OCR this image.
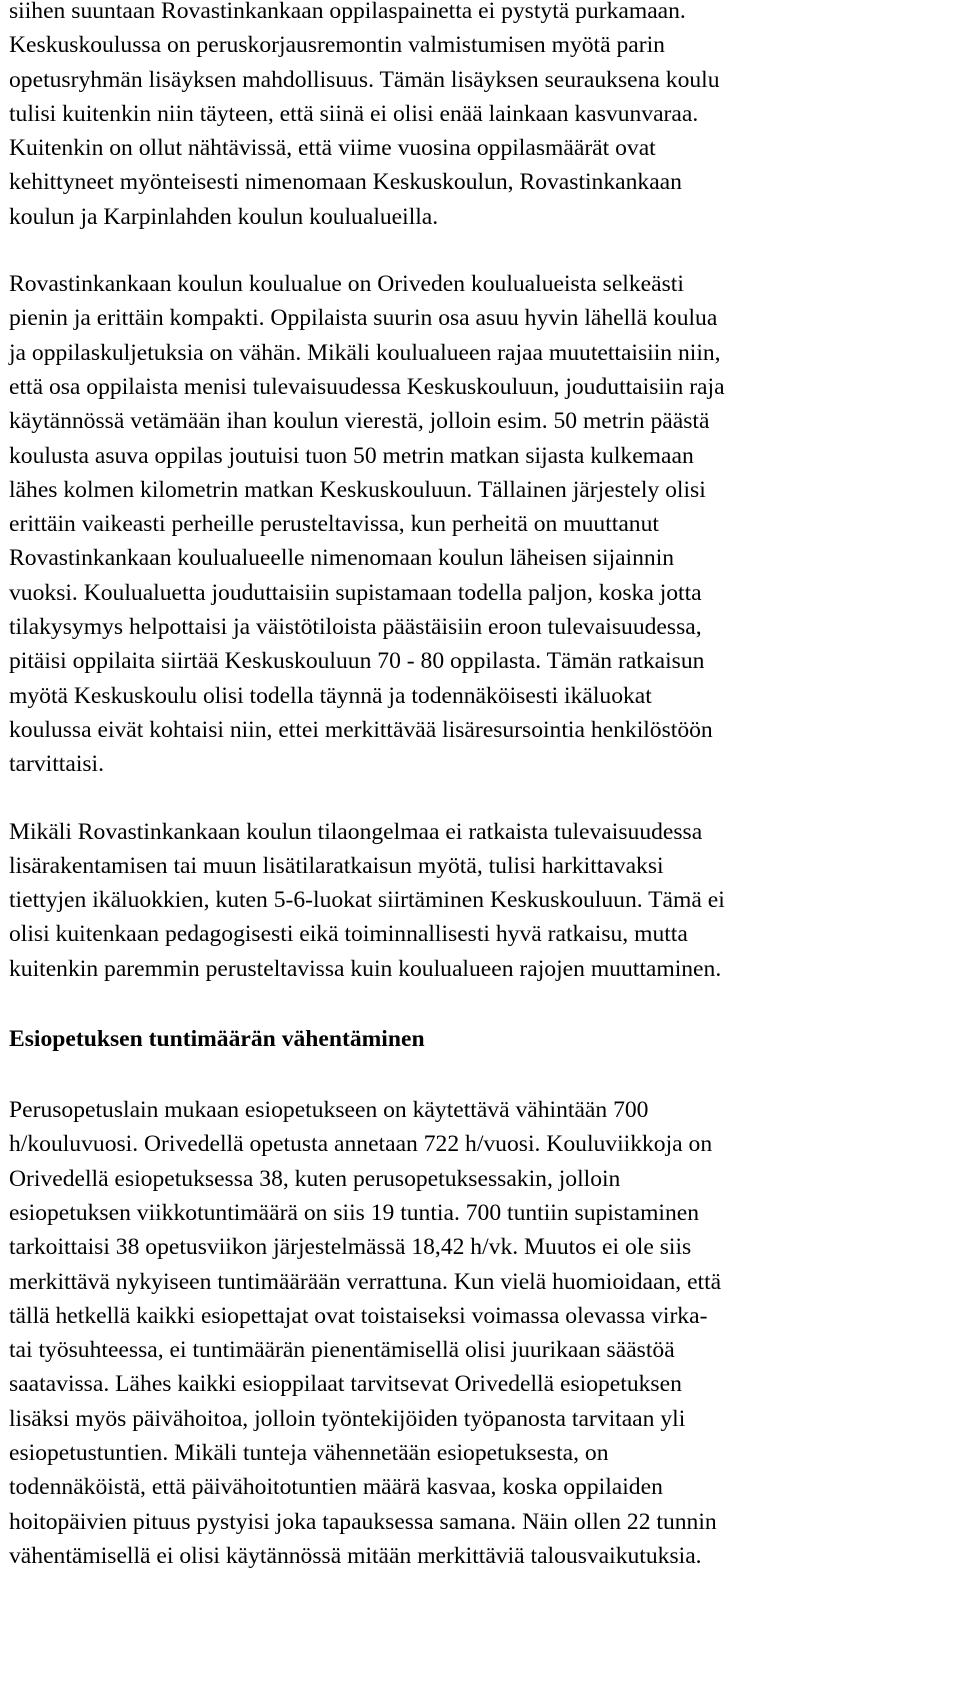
siihen suuntaan Rovastinkankaan oppilaspainetta ei pystytä purkamaan.
Keskuskoulussa on peruskorjausremontin valmistumisen myötä parin
opetusryhmän lisäyksen mahdollisuus. Tämän lisäyksen seurauksena koulu
tulisi kuitenkin niin täyteen, että siinä ei olisi enää lainkaan kasvunvaraa.
Kuitenkin on ollut nähtävissä, että viime vuosina oppilasmäärät ovat
kehittyneet myönteisesti nimenomaan Keskuskoulun, Rovastinkankaan
koulun ja Karpinlahden koulun koulualueilla.
Rovastinkankaan koulun koulualue on Oriveden koulualueista selkeästi
pienin ja erittäin kompakti. Oppilaista suurin osa asuu hyvin lähellä koulua
ja oppilaskuljetuksia on vähän. Mikäli koulualueen rajaa muutettaisiin niin,
että osa oppilaista menisi tulevaisuudessa Keskuskouluun, jouduttaisiin raja
käytännössä vetämään ihan koulun vierestä, jolloin esim. 50 metrin päästä
koulusta asuva oppilas joutuisi tuon 50 metrin matkan sijasta kulkemaan
lähes kolmen kilometrin matkan Keskuskouluun. Tällainen järjestely olisi
erittäin vaikeasti perheille perusteltavissa, kun perheitä on muuttanut
Rovastinkankaan koulualueelle nimenomaan koulun läheisen sijainnin
vuoksi. Koulualuetta jouduttaisiin supistamaan todella paljon, koska jotta
tilakysymys helpottaisi ja väistötiloista päästäisiin eroon tulevaisuudessa,
pitäisi oppilaita siirtää Keskuskouluun 70 - 80 oppilasta. Tämän ratkaisun
myötä Keskuskoulu olisi todella täynnä ja todennäköisesti ikäluokat
koulussa eivät kohtaisi niin, ettei merkittävää lisäresursointia henkilöstöön
tarvittaisi.
Mikäli Rovastinkankaan koulun tilaongelmaa ei ratkaista tulevaisuudessa
lisärakentamisen tai muun lisätilaratkaisun myötä, tulisi harkittavaksi
tiettyjen ikäluokkien, kuten 5-6-luokat siirtäminen Keskuskouluun. Tämä ei
olisi kuitenkaan pedagogisesti eikä toiminnallisesti hyvä ratkaisu, mutta
kuitenkin paremmin perusteltavissa kuin koulualueen rajojen muuttaminen.
Esiopetuksen tuntimäärän vähentäminen
Perusopetuslain mukaan esiopetukseen on käytettävä vähintään 700
h/kouluvuosi. Orivedellä opetusta annetaan 722 h/vuosi. Kouluviikkoja on
Orivedellä esiopetuksessa 38, kuten perusopetuksessakin, jolloin
esiopetuksen viikkotuntimäärä on siis 19 tuntia. 700 tuntiin supistaminen
tarkoittaisi 38 opetusviikon järjestelmässä 18,42 h/vk. Muutos ei ole siis
merkittävä nykyiseen tuntimäärään verrattuna. Kun vielä huomioidaan, että
tällä hetkellä kaikki esiopettajat ovat toistaiseksi voimassa olevassa virka-
tai työsuhteessa, ei tuntimäärän pienentämisellä olisi juurikaan säästöä
saatavissa. Lähes kaikki esioppilaat tarvitsevat Orivedellä esiopetuksen
lisäksi myös päivähoitoa, jolloin työntekijöiden työpanosta tarvitaan yli
esiopetustuntien. Mikäli tunteja vähennetään esiopetuksesta, on
todennäköistä, että päivähoitotuntien määrä kasvaa, koska oppilaiden
hoitopäivien pituus pystyisi joka tapauksessa samana. Näin ollen 22 tunnin
vähentämisellä ei olisi käytännössä mitään merkittäviä talousvaikutuksia.
